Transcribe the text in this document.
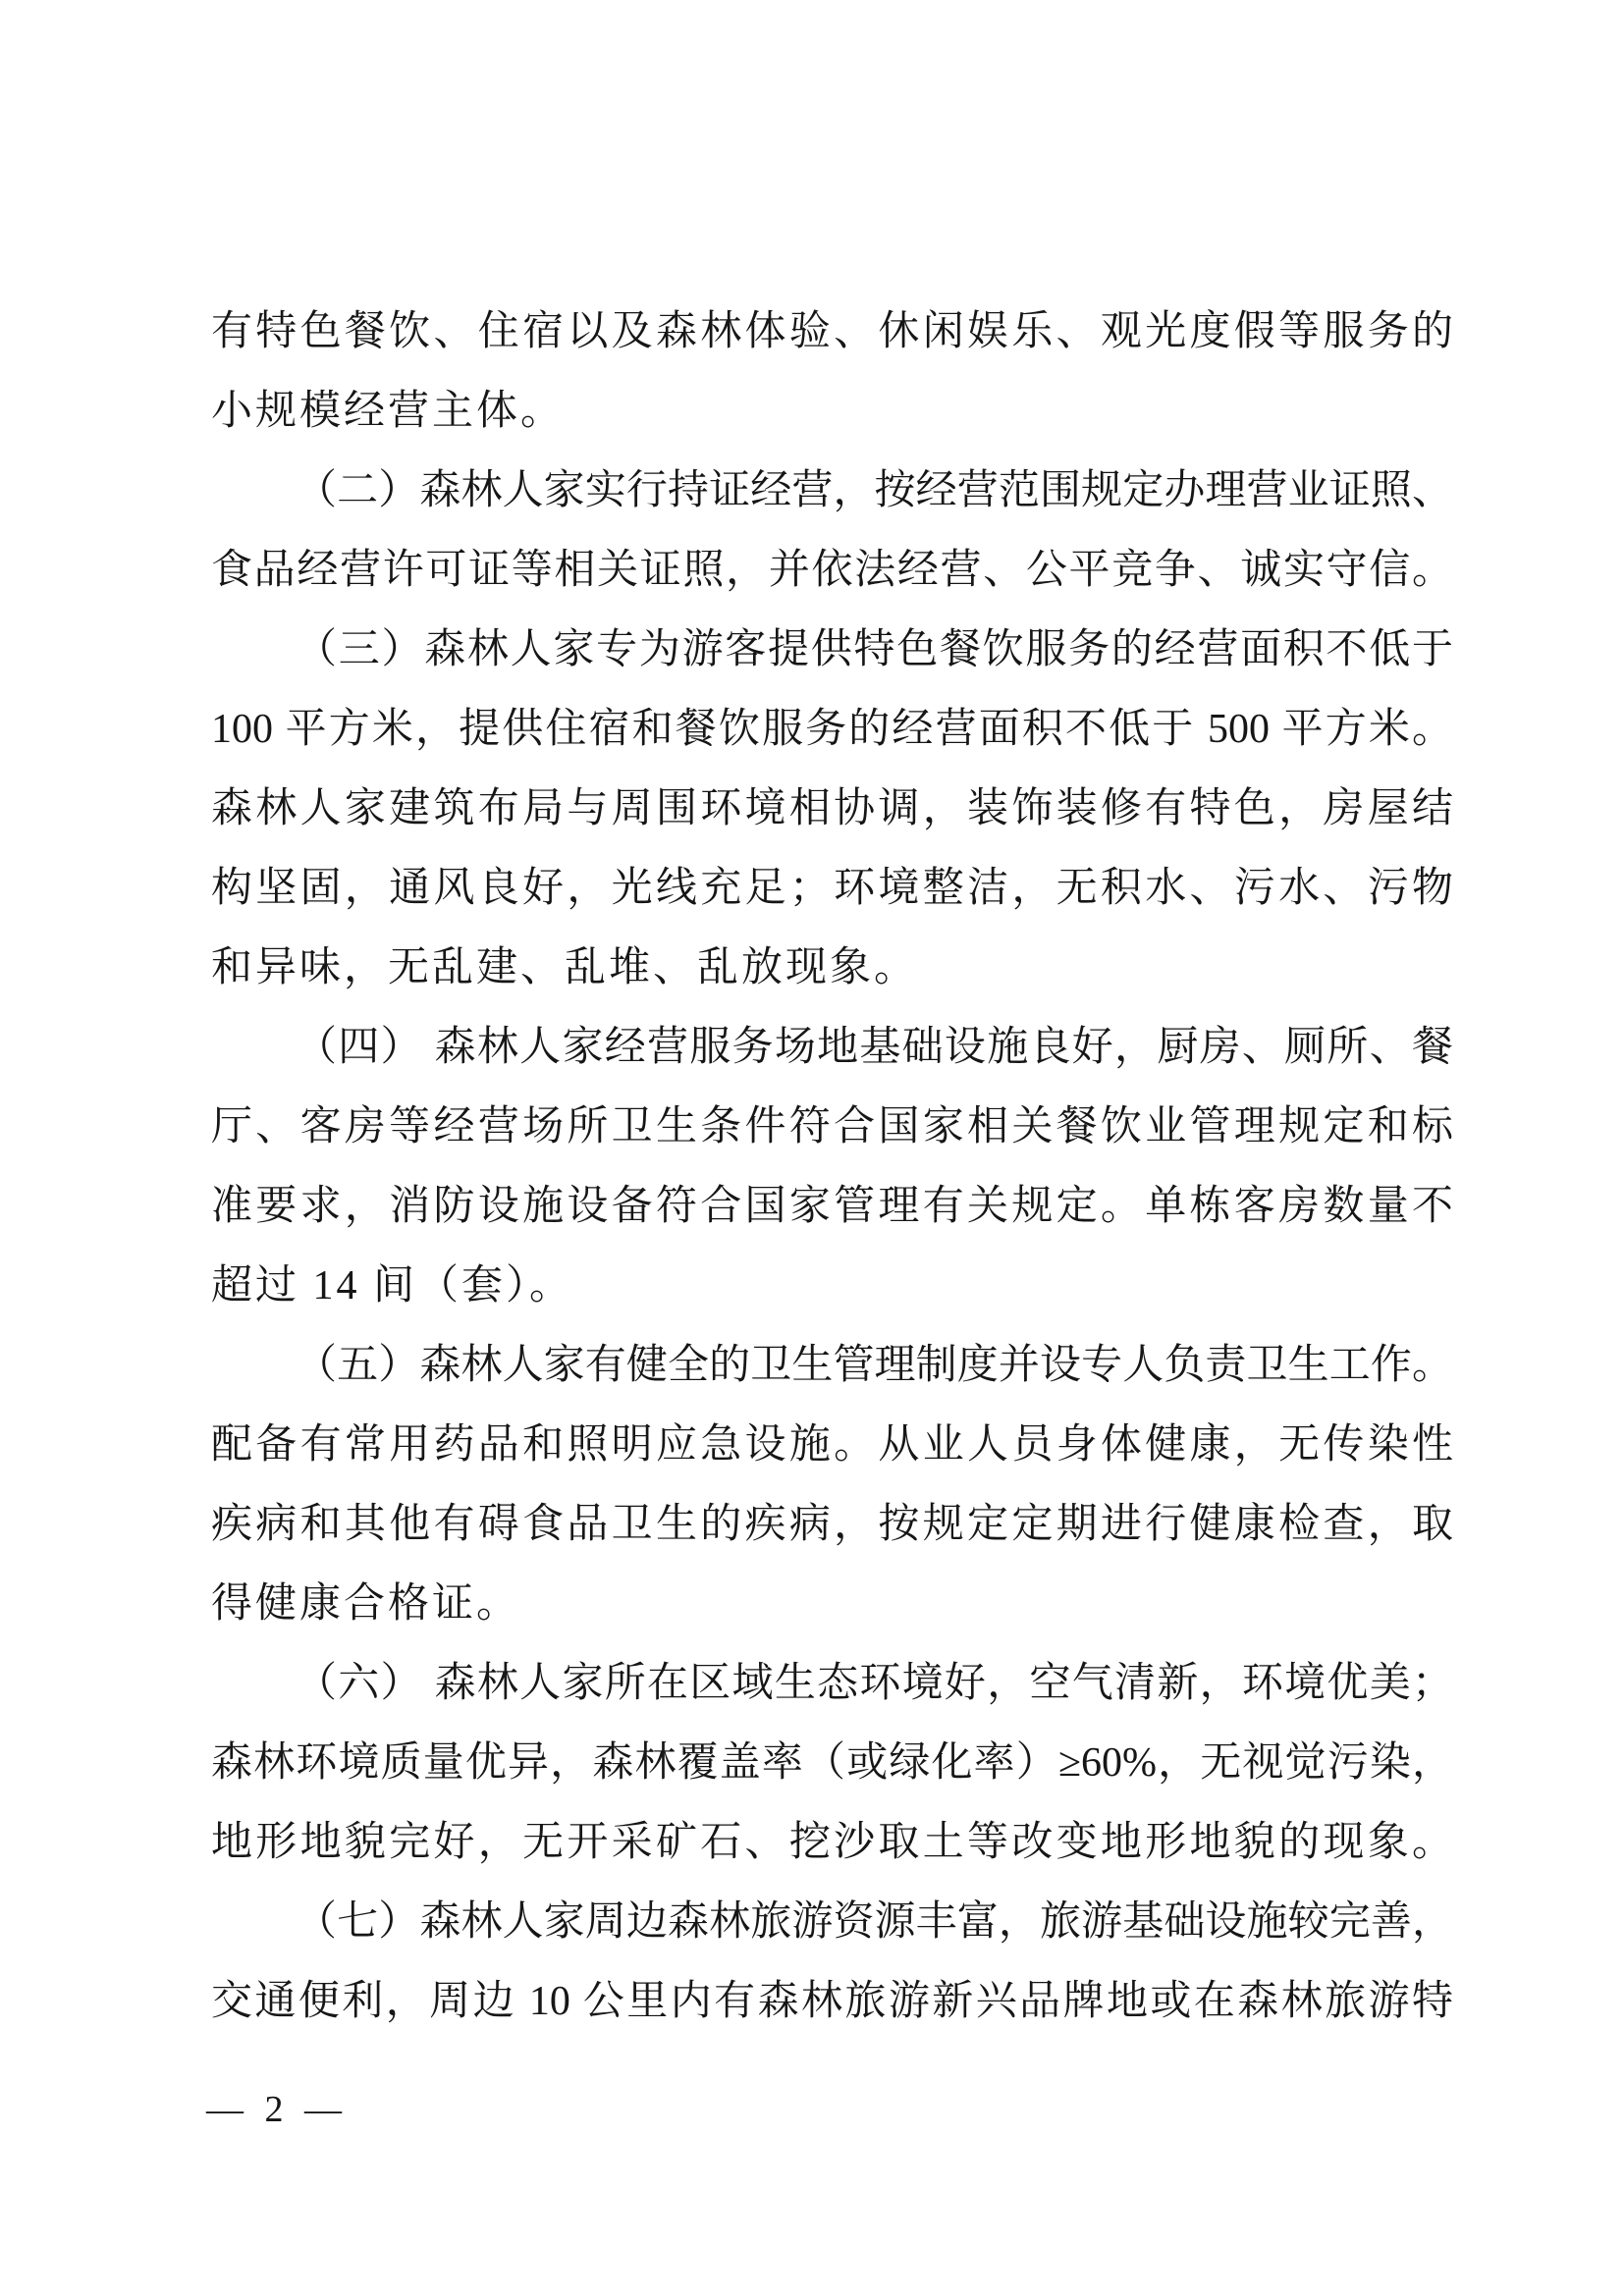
有特色餐饮、住宿以及森林体验、休闲娱乐、观光度假等服务的
小规模经营主体。
（二）森林人家实行持证经营，按经营范围规定办理营业证照、
食品经营许可证等相关证照，并依法经营、公平竞争、诚实守信。
（三）森林人家专为游客提供特色餐饮服务的经营面积不低于
100 平方米，提供住宿和餐饮服务的经营面积不低于 500 平方米。
森林人家建筑布局与周围环境相协调，装饰装修有特色，房屋结
构坚固，通风良好，光线充足；环境整洁，无积水、污水、污物
和异味，无乱建、乱堆、乱放现象。
（四） 森林人家经营服务场地基础设施良好，厨房、厕所、餐
厅、客房等经营场所卫生条件符合国家相关餐饮业管理规定和标
准要求，消防设施设备符合国家管理有关规定。单栋客房数量不
超过 14 间（套）。
（五）森林人家有健全的卫生管理制度并设专人负责卫生工作。
配备有常用药品和照明应急设施。从业人员身体健康，无传染性
疾病和其他有碍食品卫生的疾病，按规定定期进行健康检查，取
得健康合格证。
（六） 森林人家所在区域生态环境好，空气清新，环境优美；
森林环境质量优异，森林覆盖率（或绿化率）≥60%，无视觉污染，
地形地貌完好，无开采矿石、挖沙取土等改变地形地貌的现象。
（七）森林人家周边森林旅游资源丰富，旅游基础设施较完善，
交通便利，周边 10 公里内有森林旅游新兴品牌地或在森林旅游特
— 2 —
